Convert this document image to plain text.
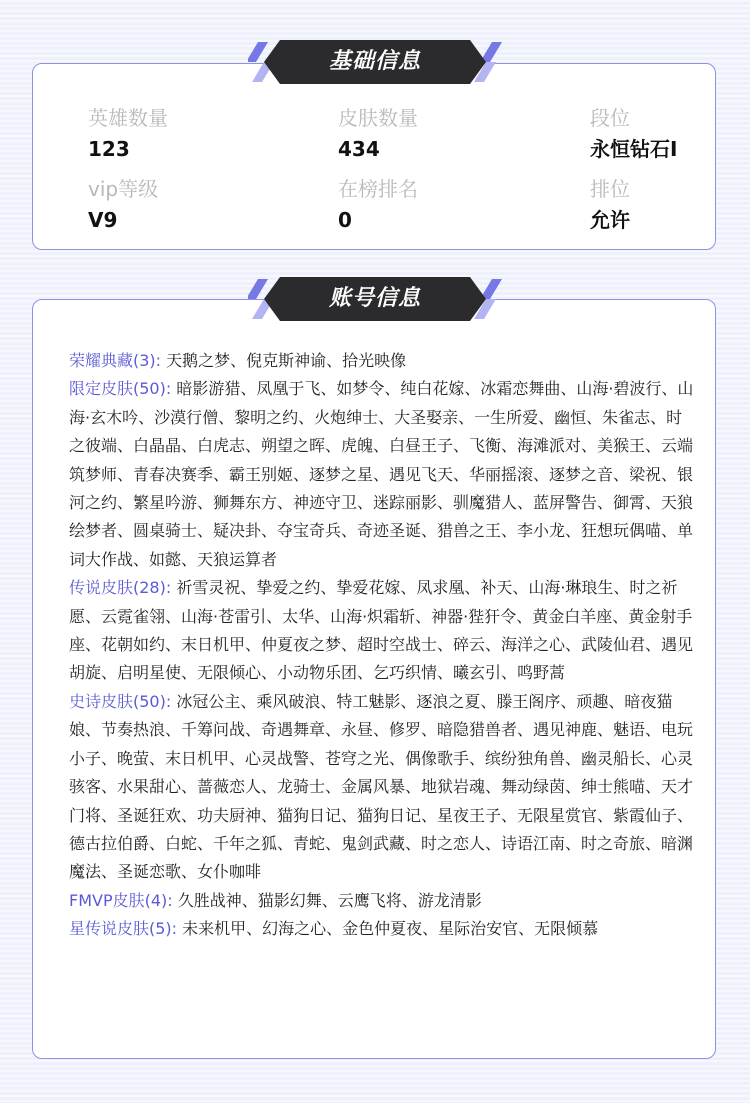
英雄数量
123
皮肤数量
434
段位
永恒钻石I
vip等级
V9
在榜排名
0
排位
允许
基础信息

荣耀典藏(3): 天鹅之梦、倪克斯神谕、拾光映像

限定皮肤(50): 暗影游猎、凤凰于飞、如梦令、纯白花嫁、冰霜恋舞曲、山海·碧波行、山海·玄木吟、沙漠行僧、黎明之约、火炮绅士、大圣娶亲、一生所爱、幽恒、朱雀志、时之彼端、白晶晶、白虎志、朔望之晖、虎魄、白昼王子、飞衡、海滩派对、美猴王、云端筑梦师、青春决赛季、霸王别姬、逐梦之星、遇见飞天、华丽摇滚、逐梦之音、梁祝、银河之约、繁星吟游、狮舞东方、神迹守卫、迷踪丽影、驯魔猎人、蓝屏警告、御霄、天狼绘梦者、圆桌骑士、疑决卦、夺宝奇兵、奇迹圣诞、猎兽之王、李小龙、狂想玩偶喵、单词大作战、如懿、天狼运算者

传说皮肤(28): 祈雪灵祝、挚爱之约、挚爱花嫁、凤求凰、补天、山海·琳琅生、时之祈愿、云霓雀翎、山海·苍雷引、太华、山海·炽霜斩、神器·狴犴令、黄金白羊座、黄金射手座、花朝如约、末日机甲、仲夏夜之梦、超时空战士、碎云、海洋之心、武陵仙君、遇见胡旋、启明星使、无限倾心、小动物乐团、乞巧织情、曦玄引、鸣野蒿

史诗皮肤(50): 冰冠公主、乘风破浪、特工魅影、逐浪之夏、滕王阁序、顽趣、暗夜猫娘、节奏热浪、千筹问战、奇遇舞章、永昼、修罗、暗隐猎兽者、遇见神鹿、魅语、电玩小子、晚萤、末日机甲、心灵战警、苍穹之光、偶像歌手、缤纷独角兽、幽灵船长、心灵骇客、水果甜心、蔷薇恋人、龙骑士、金属风暴、地狱岩魂、舞动绿茵、绅士熊喵、天才门将、圣诞狂欢、功夫厨神、猫狗日记、猫狗日记、星夜王子、无限星赏官、紫霞仙子、德古拉伯爵、白蛇、千年之狐、青蛇、鬼剑武藏、时之恋人、诗语江南、时之奇旅、暗渊魔法、圣诞恋歌、女仆咖啡

FMVP皮肤(4): 久胜战神、猫影幻舞、云鹰飞将、游龙清影

星传说皮肤(5): 未来机甲、幻海之心、金色仲夏夜、星际治安官、无限倾慕

账号信息
